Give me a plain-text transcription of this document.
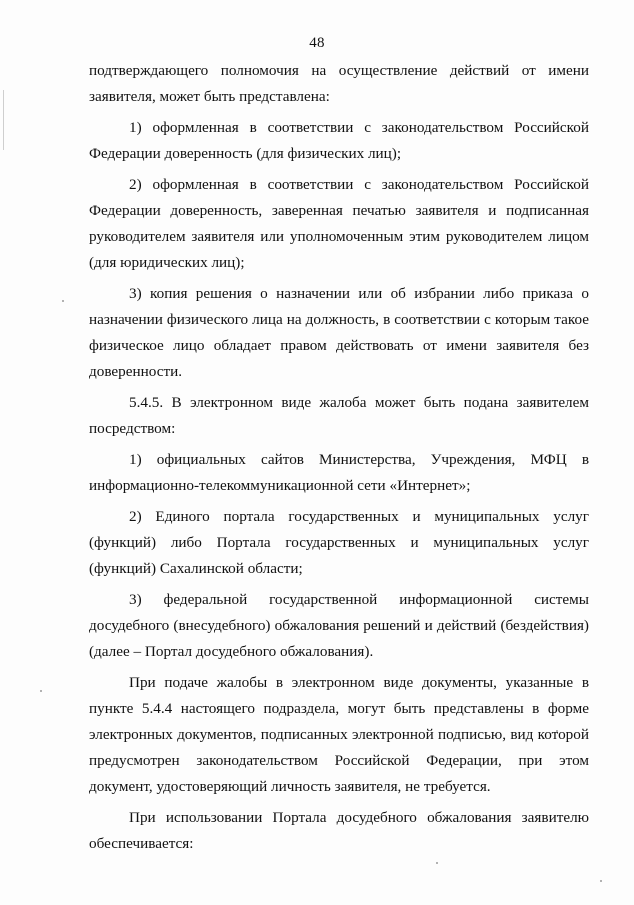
48

подтверждающего полномочия на осуществление действий от имени заявителя, может быть представлена:

1) оформленная в соответствии с законодательством Российской Федерации доверенность (для физических лиц);

2) оформленная в соответствии с законодательством Российской Федерации доверенность, заверенная печатью заявителя и подписанная руководителем заявителя или уполномоченным этим руководителем лицом (для юридических лиц);

3) копия решения о назначении или об избрании либо приказа о назначении физического лица на должность, в соответствии с которым такое физическое лицо обладает правом действовать от имени заявителя без доверенности.

5.4.5. В электронном виде жалоба может быть подана заявителем посредством:

1) официальных сайтов Министерства, Учреждения, МФЦ в информационно-телекоммуникационной сети «Интернет»;

2) Единого портала государственных и муниципальных услуг (функций) либо Портала государственных и муниципальных услуг (функций) Сахалинской области;

3) федеральной государственной информационной системы досудебного (внесудебного) обжалования решений и действий (бездействия) (далее – Портал досудебного обжалования).

При подаче жалобы в электронном виде документы, указанные в пункте 5.4.4 настоящего подраздела, могут быть представлены в форме электронных документов, подписанных электронной подписью, вид которой предусмотрен законодательством Российской Федерации, при этом документ, удостоверяющий личность заявителя, не требуется.

При использовании Портала досудебного обжалования заявителю обеспечивается:
